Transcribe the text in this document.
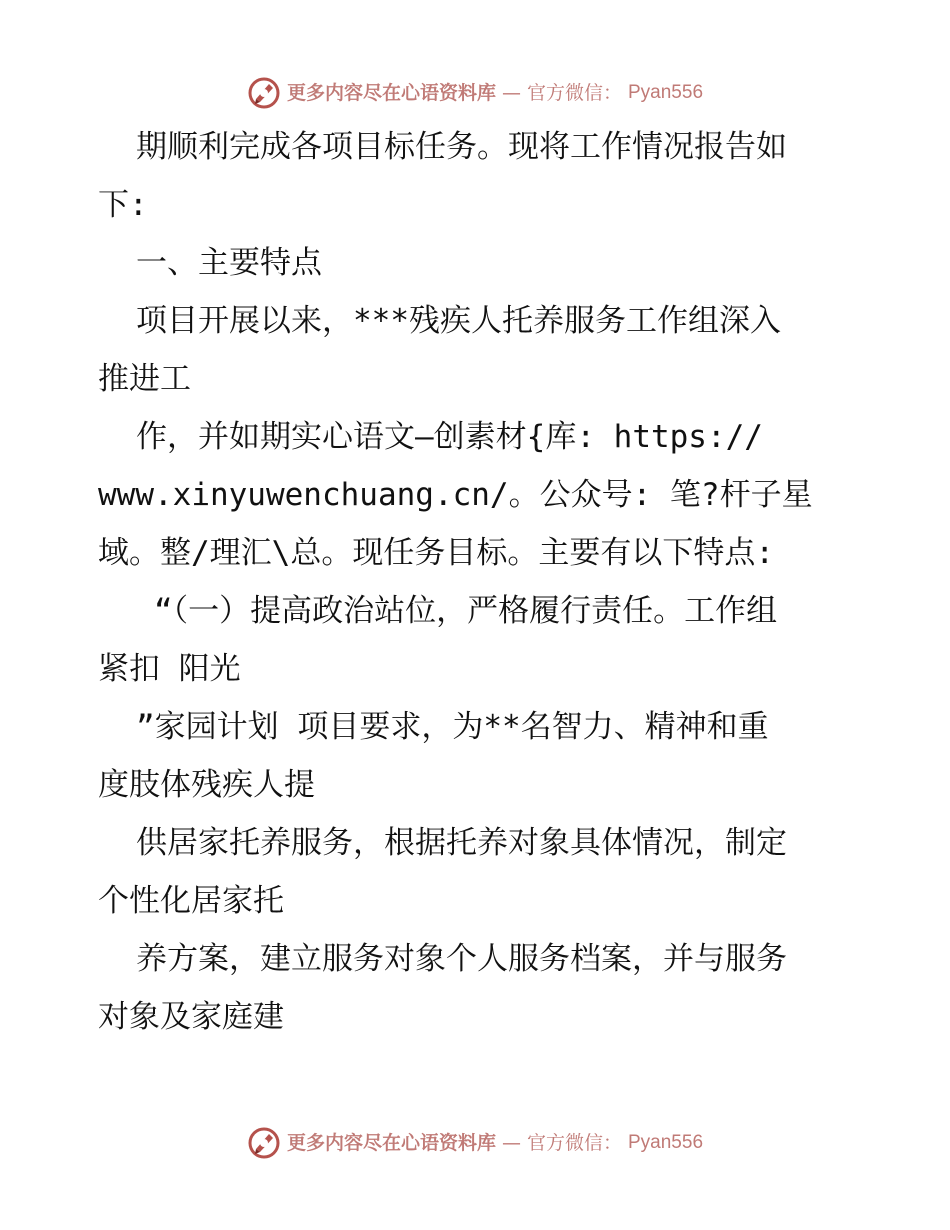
更多内容尽在心语资料库 — 官方微信： Pyan556
期顺利完成各项目标任务。现将工作情况报告如
下:
一、主要特点
项目开展以来，***残疾人托养服务工作组深入
推进工
作，并如期实心语文—创素材{库: https://
www.xinyuwenchuang.cn/。公众号: 笔?杆子星
域。整/理汇\总。现任务目标。主要有以下特点:
“（一）提高政治站位，严格履行责任。工作组
紧扣 阳光
”家园计划 项目要求，为**名智力、精神和重
度肢体残疾人提
供居家托养服务，根据托养对象具体情况，制定
个性化居家托
养方案，建立服务对象个人服务档案，并与服务
对象及家庭建
更多内容尽在心语资料库 — 官方微信： Pyan556
